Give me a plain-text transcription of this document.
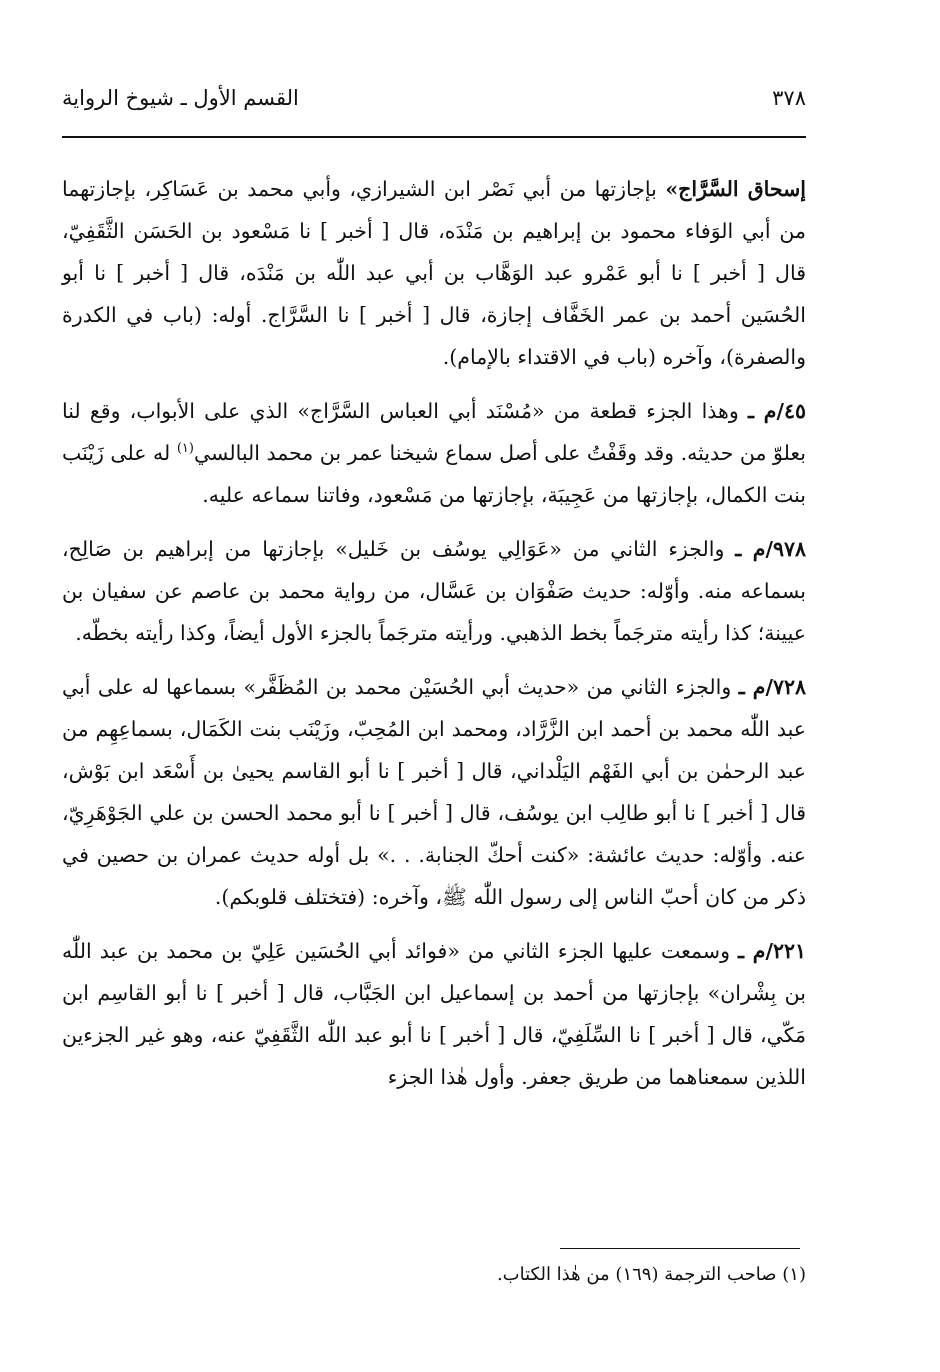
٣٧٨
القسم الأول ـ شيوخ الرواية

إسحاق السَّرَّاج» بإجازتها من أبي نَصْر ابن الشيرازي، وأبي محمد بن عَسَاكِر، بإجازتهما من أبي الوَفاء محمود بن إبراهيم بن مَنْدَه، قال [ أخبر ] نا مَسْعود بن الحَسَن الثَّقَفِيّ، قال [ أخبر ] نا أبو عَمْرو عبد الوَهَّاب بن أبي عبد اللّٰه بن مَنْدَه، قال [ أخبر ] نا أبو الحُسَين أحمد بن عمر الخَفَّاف إجازة، قال [ أخبر ] نا السَّرَّاج. أوله: (باب في الكدرة والصفرة)، وآخره (باب في الاقتداء بالإمام).

٤٥/م ـ وهذا الجزء قطعة من «مُسْنَد أبي العباس السَّرَّاج» الذي على الأبواب، وقع لنا بعلوّ من حديثه. وقد وقَفْتُ على أصل سماع شيخنا عمر بن محمد البالسي$^{(١)}$ له على زَيْنَب بنت الكمال، بإجازتها من عَجِيبَة، بإجازتها من مَسْعود، وفاتنا سماعه عليه.

٩٧٨/م ـ والجزء الثاني من «عَوَالِي يوسُف بن خَليل» بإجازتها من إبراهيم بن صَالِح، بسماعه منه. وأوّله: حديث صَفْوَان بن عَسَّال، من رواية محمد بن عاصم عن سفيان بن عيينة؛ كذا رأيته مترجَماً بخط الذهبي. ورأيته مترجَماً بالجزء الأول أيضاً، وكذا رأيته بخطّه.

٧٢٨/م ـ والجزء الثاني من «حديث أبي الحُسَيْن محمد بن المُظَفَّر» بسماعها له على أبي عبد اللّٰه محمد بن أحمد ابن الزَّرَّاد، ومحمد ابن المُحِبّ، وزَيْنَب بنت الكَمَال، بسماعِهِم من عبد الرحمٰن بن أبي الفَهْم اليَلْداني، قال [ أخبر ] نا أبو القاسم يحيىٰ بن أَسْعَد ابن بَوْش، قال [ أخبر ] نا أبو طالِب ابن يوسُف، قال [ أخبر ] نا أبو محمد الحسن بن علي الجَوْهَرِيّ، عنه. وأوّله: حديث عائشة: «كنت أحكّ الجنابة. . .» بل أوله حديث عمران بن حصين في ذكر من كان أحبّ الناس إلى رسول اللّٰه ﷺ، وآخره: (فتختلف قلوبكم).

٢٢١/م ـ وسمعت عليها الجزء الثاني من «فوائد أبي الحُسَين عَلِيّ بن محمد بن عبد اللّٰه بن بِشْران» بإجازتها من أحمد بن إسماعيل ابن الجَبَّاب، قال [ أخبر ] نا أبو القاسِم ابن مَكّي، قال [ أخبر ] نا السِّلَفِيّ، قال [ أخبر ] نا أبو عبد اللّٰه الثَّقَفِيّ عنه، وهو غير الجزءين اللذين سمعناهما من طريق جعفر. وأول هٰذا الجزء

(١) صاحب الترجمة (١٦٩) من هٰذا الكتاب.
